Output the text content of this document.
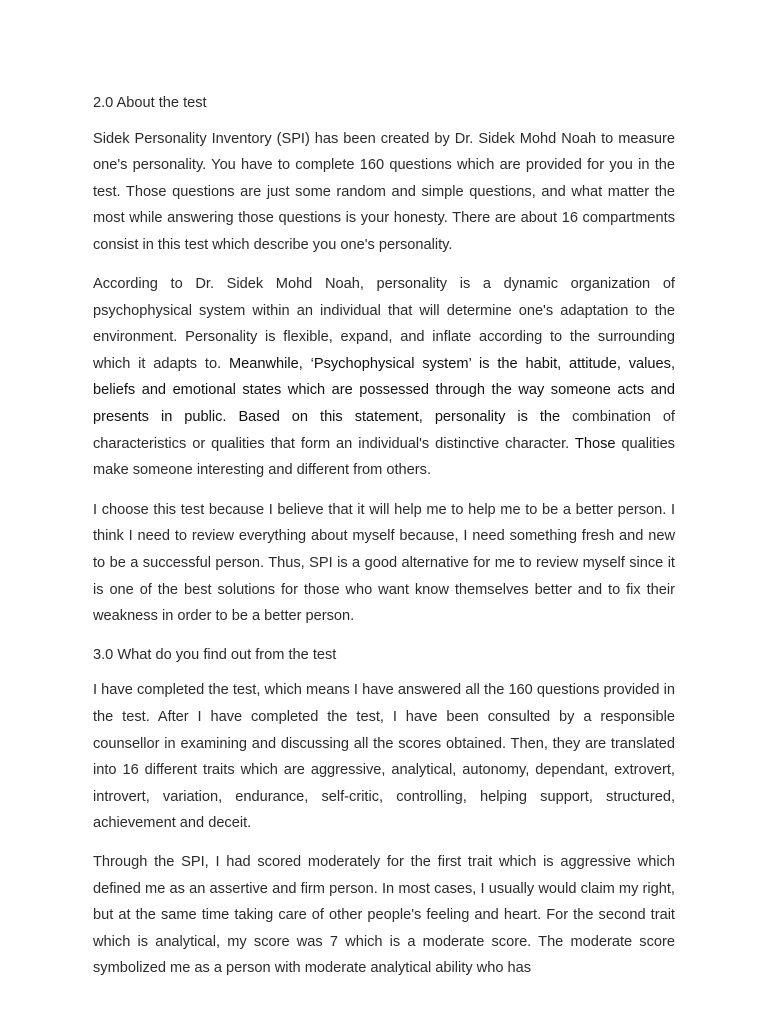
2.0 About the test

Sidek Personality Inventory (SPI) has been created by Dr. Sidek Mohd Noah to measure one's personality. You have to complete 160 questions which are provided for you in the test. Those questions are just some random and simple questions, and what matter the most while answering those questions is your honesty. There are about 16 compartments consist in this test which describe you one's personality.

According to Dr. Sidek Mohd Noah, personality is a dynamic organization of psychophysical system within an individual that will determine one's adaptation to the environment. Personality is flexible, expand, and inflate according to the surrounding which it adapts to. Meanwhile, ‘Psychophysical system’ is the habit, attitude, values, beliefs and emotional states which are possessed through the way someone acts and presents in public. Based on this statement, personality is the combination of characteristics or qualities that form an individual's distinctive character. Those qualities make someone interesting and different from others.

I choose this test because I believe that it will help me to help me to be a better person. I think I need to review everything about myself because, I need something fresh and new to be a successful person. Thus, SPI is a good alternative for me to review myself since it is one of the best solutions for those who want know themselves better and to fix their weakness in order to be a better person.

3.0 What do you find out from the test

I have completed the test, which means I have answered all the 160 questions provided in the test. After I have completed the test, I have been consulted by a responsible counsellor in examining and discussing all the scores obtained. Then, they are translated into 16 different traits which are aggressive, analytical, autonomy, dependant, extrovert, introvert, variation, endurance, self-critic, controlling, helping support, structured, achievement and deceit.

Through the SPI, I had scored moderately for the first trait which is aggressive which defined me as an assertive and firm person. In most cases, I usually would claim my right, but at the same time taking care of other people's feeling and heart. For the second trait which is analytical, my score was 7 which is a moderate score. The moderate score symbolized me as a person with moderate analytical ability who has
